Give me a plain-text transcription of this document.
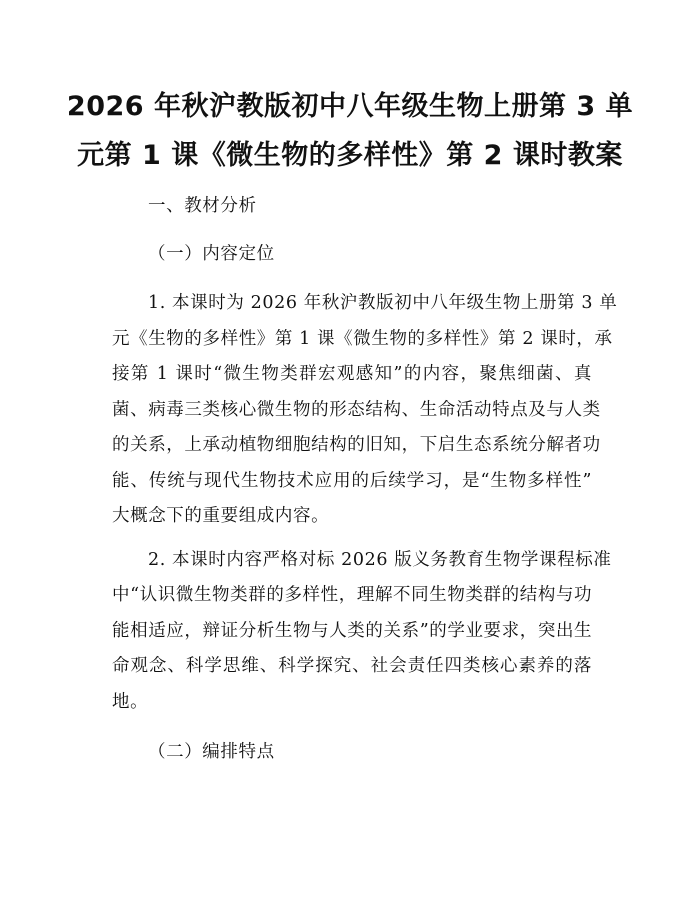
2026 年秋沪教版初中八年级生物上册第 3 单
元第 1 课《微生物的多样性》第 2 课时教案
一、教材分析
（一）内容定位
1. 本课时为 2026 年秋沪教版初中八年级生物上册第 3 单
元《生物的多样性》第 1 课《微生物的多样性》第 2 课时，承
接第 1 课时“微生物类群宏观感知”的内容，聚焦细菌、真
菌、病毒三类核心微生物的形态结构、生命活动特点及与人类
的关系，上承动植物细胞结构的旧知，下启生态系统分解者功
能、传统与现代生物技术应用的后续学习，是“生物多样性”
大概念下的重要组成内容。
2. 本课时内容严格对标 2026 版义务教育生物学课程标准
中“认识微生物类群的多样性，理解不同生物类群的结构与功
能相适应，辩证分析生物与人类的关系”的学业要求，突出生
命观念、科学思维、科学探究、社会责任四类核心素养的落
地。
（二）编排特点
